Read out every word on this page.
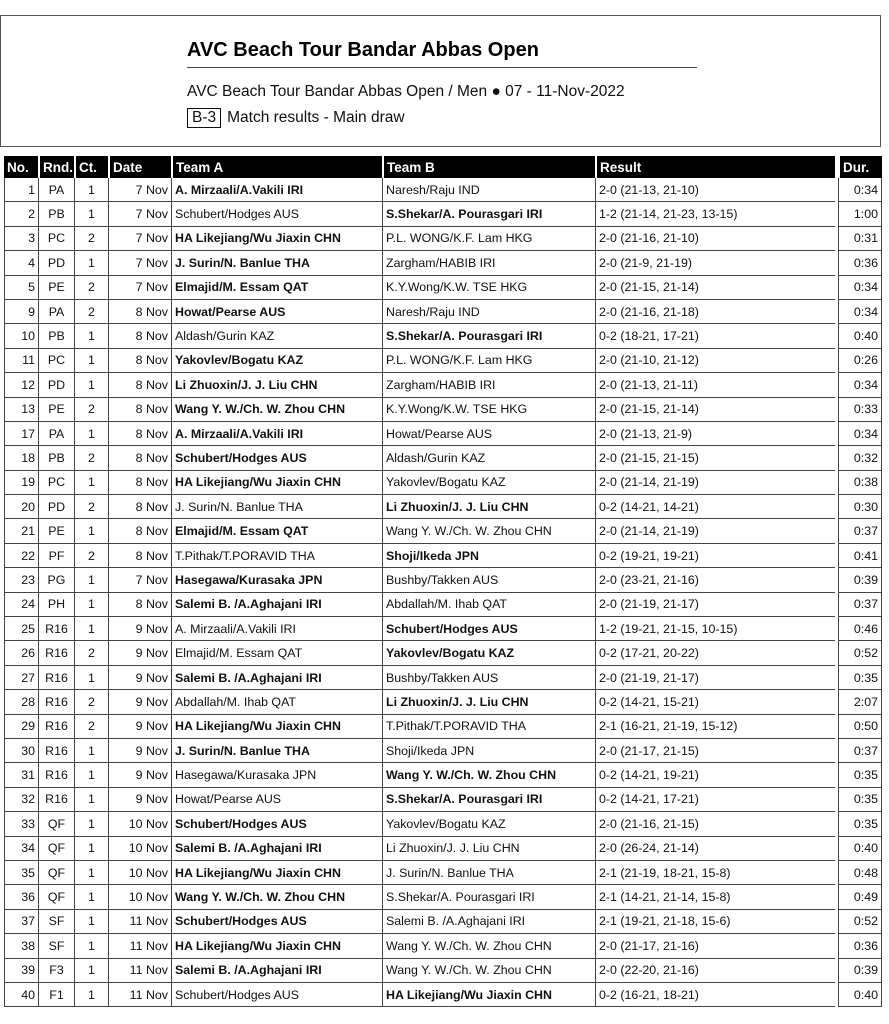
AVC Beach Tour Bandar Abbas Open
AVC Beach Tour Bandar Abbas Open / Men ● 07 - 11-Nov-2022
B-3 Match results - Main draw
No.	Rnd.	Ct.	Date	Team A	Team B	Result		Dur.
1	PA	1	7 Nov	A. Mirzaali/A.Vakili IRI	Naresh/Raju IND	2-0 (21-13, 21-10)		0:34
2	PB	1	7 Nov	Schubert/Hodges AUS	S.Shekar/A. Pourasgari IRI	1-2 (21-14, 21-23, 13-15)		1:00
3	PC	2	7 Nov	HA Likejiang/Wu Jiaxin CHN	P.L. WONG/K.F. Lam HKG	2-0 (21-16, 21-10)		0:31
4	PD	1	7 Nov	J. Surin/N. Banlue THA	Zargham/HABIB IRI	2-0 (21-9, 21-19)		0:36
5	PE	2	7 Nov	Elmajid/M. Essam QAT	K.Y.Wong/K.W. TSE HKG	2-0 (21-15, 21-14)		0:34
9	PA	2	8 Nov	Howat/Pearse AUS	Naresh/Raju IND	2-0 (21-16, 21-18)		0:34
10	PB	1	8 Nov	Aldash/Gurin KAZ	S.Shekar/A. Pourasgari IRI	0-2 (18-21, 17-21)		0:40
11	PC	1	8 Nov	Yakovlev/Bogatu KAZ	P.L. WONG/K.F. Lam HKG	2-0 (21-10, 21-12)		0:26
12	PD	1	8 Nov	Li Zhuoxin/J. J. Liu CHN	Zargham/HABIB IRI	2-0 (21-13, 21-11)		0:34
13	PE	2	8 Nov	Wang Y. W./Ch. W. Zhou CHN	K.Y.Wong/K.W. TSE HKG	2-0 (21-15, 21-14)		0:33
17	PA	1	8 Nov	A. Mirzaali/A.Vakili IRI	Howat/Pearse AUS	2-0 (21-13, 21-9)		0:34
18	PB	2	8 Nov	Schubert/Hodges AUS	Aldash/Gurin KAZ	2-0 (21-15, 21-15)		0:32
19	PC	1	8 Nov	HA Likejiang/Wu Jiaxin CHN	Yakovlev/Bogatu KAZ	2-0 (21-14, 21-19)		0:38
20	PD	2	8 Nov	J. Surin/N. Banlue THA	Li Zhuoxin/J. J. Liu CHN	0-2 (14-21, 14-21)		0:30
21	PE	1	8 Nov	Elmajid/M. Essam QAT	Wang Y. W./Ch. W. Zhou CHN	2-0 (21-14, 21-19)		0:37
22	PF	2	8 Nov	T.Pithak/T.PORAVID THA	Shoji/Ikeda JPN	0-2 (19-21, 19-21)		0:41
23	PG	1	7 Nov	Hasegawa/Kurasaka JPN	Bushby/Takken AUS	2-0 (23-21, 21-16)		0:39
24	PH	1	8 Nov	Salemi B. /A.Aghajani IRI	Abdallah/M. Ihab QAT	2-0 (21-19, 21-17)		0:37
25	R16	1	9 Nov	A. Mirzaali/A.Vakili IRI	Schubert/Hodges AUS	1-2 (19-21, 21-15, 10-15)		0:46
26	R16	2	9 Nov	Elmajid/M. Essam QAT	Yakovlev/Bogatu KAZ	0-2 (17-21, 20-22)		0:52
27	R16	1	9 Nov	Salemi B. /A.Aghajani IRI	Bushby/Takken AUS	2-0 (21-19, 21-17)		0:35
28	R16	2	9 Nov	Abdallah/M. Ihab QAT	Li Zhuoxin/J. J. Liu CHN	0-2 (14-21, 15-21)		2:07
29	R16	2	9 Nov	HA Likejiang/Wu Jiaxin CHN	T.Pithak/T.PORAVID THA	2-1 (16-21, 21-19, 15-12)		0:50
30	R16	1	9 Nov	J. Surin/N. Banlue THA	Shoji/Ikeda JPN	2-0 (21-17, 21-15)		0:37
31	R16	1	9 Nov	Hasegawa/Kurasaka JPN	Wang Y. W./Ch. W. Zhou CHN	0-2 (14-21, 19-21)		0:35
32	R16	1	9 Nov	Howat/Pearse AUS	S.Shekar/A. Pourasgari IRI	0-2 (14-21, 17-21)		0:35
33	QF	1	10 Nov	Schubert/Hodges AUS	Yakovlev/Bogatu KAZ	2-0 (21-16, 21-15)		0:35
34	QF	1	10 Nov	Salemi B. /A.Aghajani IRI	Li Zhuoxin/J. J. Liu CHN	2-0 (26-24, 21-14)		0:40
35	QF	1	10 Nov	HA Likejiang/Wu Jiaxin CHN	J. Surin/N. Banlue THA	2-1 (21-19, 18-21, 15-8)		0:48
36	QF	1	10 Nov	Wang Y. W./Ch. W. Zhou CHN	S.Shekar/A. Pourasgari IRI	2-1 (14-21, 21-14, 15-8)		0:49
37	SF	1	11 Nov	Schubert/Hodges AUS	Salemi B. /A.Aghajani IRI	2-1 (19-21, 21-18, 15-6)		0:52
38	SF	1	11 Nov	HA Likejiang/Wu Jiaxin CHN	Wang Y. W./Ch. W. Zhou CHN	2-0 (21-17, 21-16)		0:36
39	F3	1	11 Nov	Salemi B. /A.Aghajani IRI	Wang Y. W./Ch. W. Zhou CHN	2-0 (22-20, 21-16)		0:39
40	F1	1	11 Nov	Schubert/Hodges AUS	HA Likejiang/Wu Jiaxin CHN	0-2 (16-21, 18-21)		0:40
